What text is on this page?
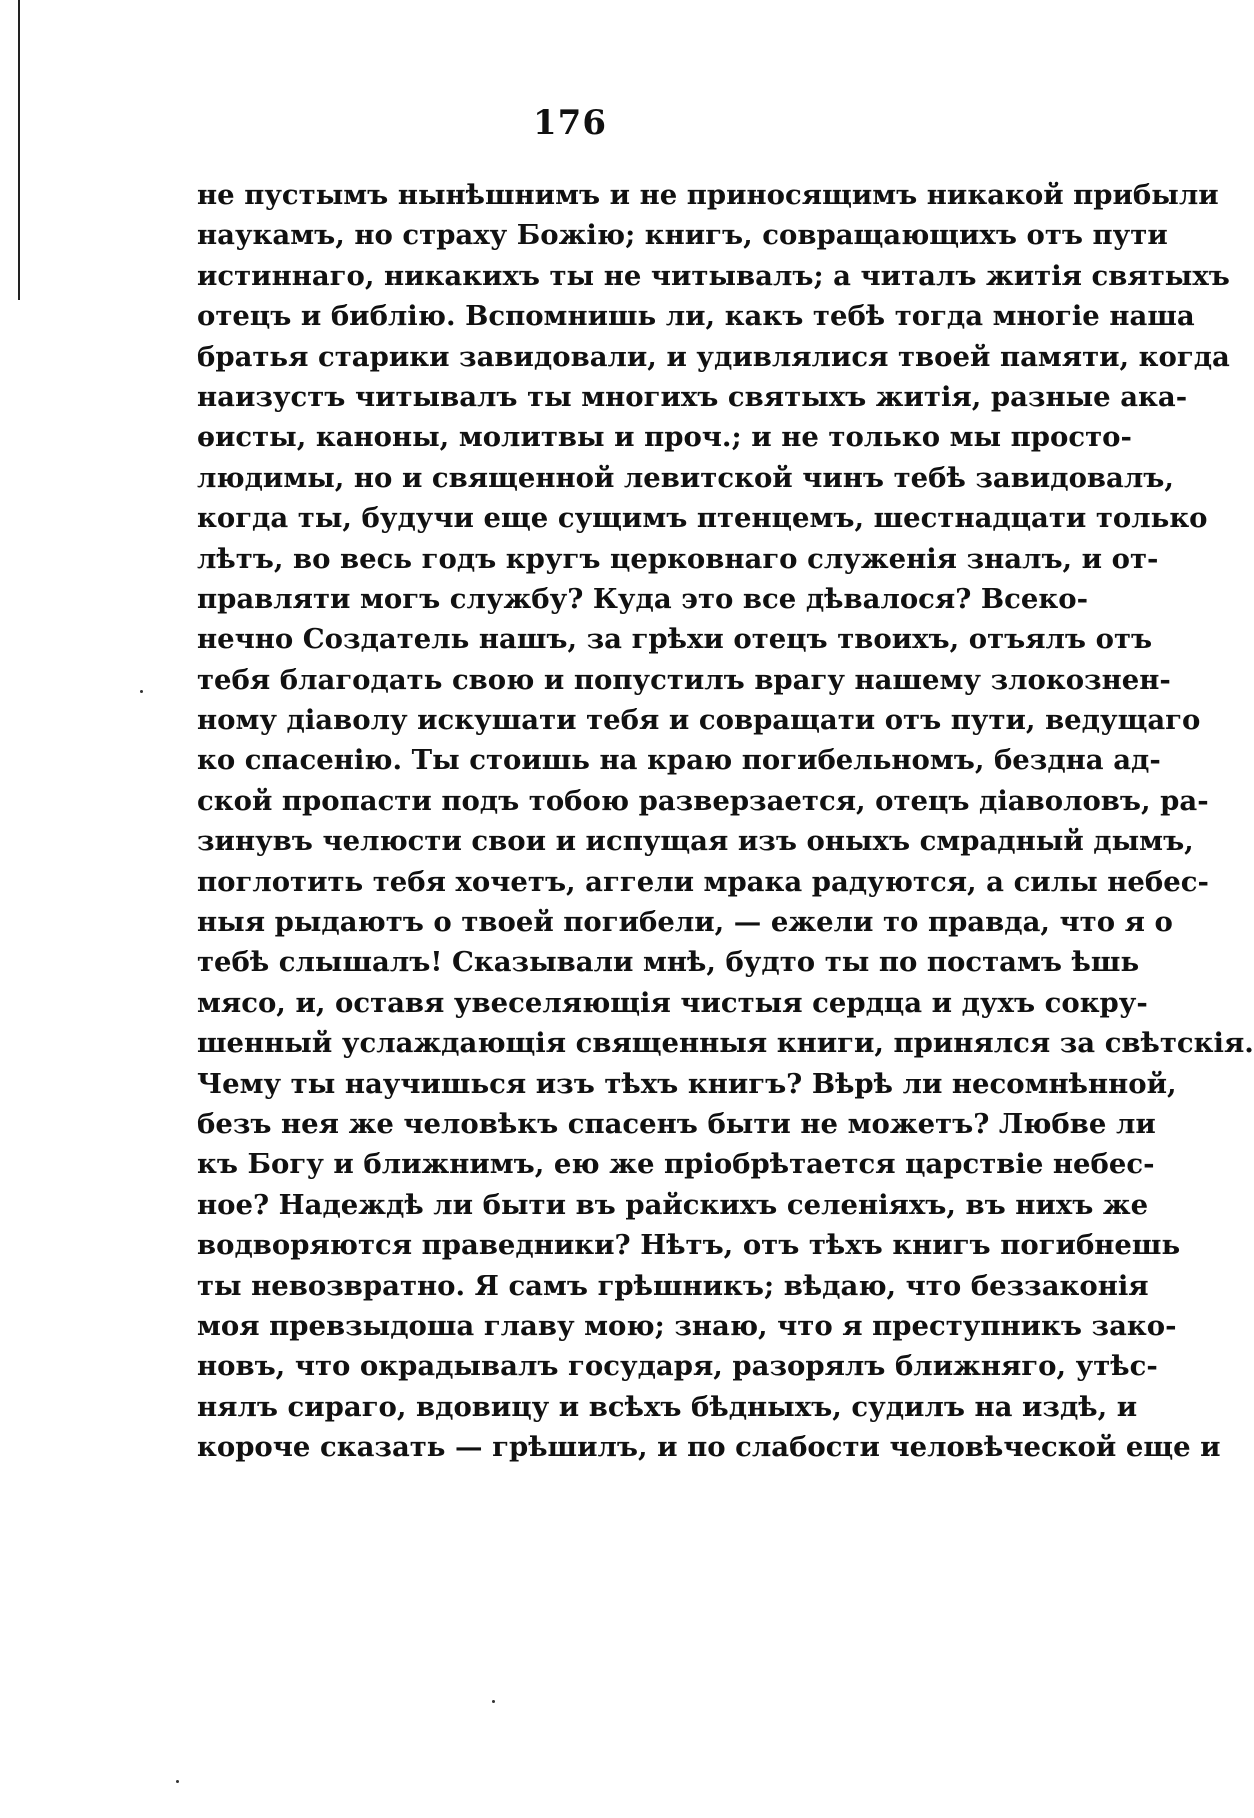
176
не пустымъ нынѣшнимъ и не приносящимъ никакой прибыли
наукамъ, но страху Божію; книгъ, совращающихъ отъ пути
истиннаго, никакихъ ты не читывалъ; а читалъ житія святыхъ
отецъ и библію. Вспомнишь ли, какъ тебѣ тогда многіе наша
братья старики завидовали, и удивлялися твоей памяти, когда
наизустъ читывалъ ты многихъ святыхъ житія, разные ака-
ѳисты, каноны, молитвы и проч.; и не только мы просто-
людимы, но и священной левитской чинъ тебѣ завидовалъ,
когда ты, будучи еще сущимъ птенцемъ, шестнадцати только
лѣтъ, во весь годъ кругъ церковнаго служенія зналъ, и от-
правляти могъ службу? Куда это все дѣвалося? Всеко-
нечно Создатель нашъ, за грѣхи отецъ твоихъ, отъялъ отъ
тебя благодать свою и попустилъ врагу нашему злокознен-
ному діаволу искушати тебя и совращати отъ пути, ведущаго
ко спасенію. Ты стоишь на краю погибельномъ, бездна ад-
ской пропасти подъ тобою разверзается, отецъ діаволовъ, ра-
зинувъ челюсти свои и испущая изъ оныхъ смрадный дымъ,
поглотить тебя хочетъ, аггели мрака радуются, а силы небес-
ныя рыдаютъ о твоей погибели, — ежели то правда, что я о
тебѣ слышалъ! Сказывали мнѣ, будто ты по постамъ ѣшь
мясо, и, оставя увеселяющія чистыя сердца и духъ сокру-
шенный услаждающія священныя книги, принялся за свѣтскія.
Чему ты научишься изъ тѣхъ книгъ? Вѣрѣ ли несомнѣнной,
безъ нея же человѣкъ спасенъ быти не можетъ? Любве ли
къ Богу и ближнимъ, ею же пріобрѣтается царствіе небес-
ное? Надеждѣ ли быти въ райскихъ селеніяхъ, въ нихъ же
водворяются праведники? Нѣтъ, отъ тѣхъ книгъ погибнешь
ты невозвратно. Я самъ грѣшникъ; вѣдаю, что беззаконія
моя превзыдоша главу мою; знаю, что я преступникъ зако-
новъ, что окрадывалъ государя, разорялъ ближняго, утѣс-
нялъ сираго, вдовицу и всѣхъ бѣдныхъ, судилъ на издѣ, и
короче сказать — грѣшилъ, и по слабости человѣческой еще и
